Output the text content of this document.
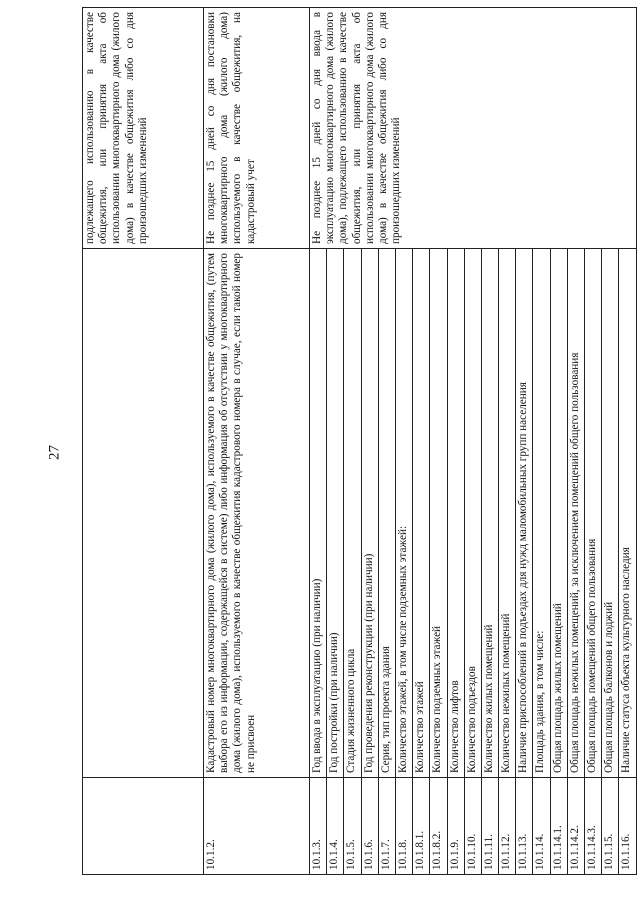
27
		подлежащего использованию в качестве общежития, или принятия акта об использовании многоквартирного дома (жилого дома) в качестве общежития либо со дня произошедших изменений
10.1.2.	Кадастровый номер многоквартирного дома (жилого дома), используемого в качестве общежития, (путем выбора его из информации, содержащейся в системе) либо информация об отсутствии у многоквартирного дома (жилого дома), используемого в качестве общежития кадастрового номера в случае, если такой номер не присвоен	Не позднее 15 дней со дня постановки многоквартирного дома (жилого дома) используемого в качестве общежития, на кадастровый учет
10.1.3.	Год ввода в эксплуатацию (при наличии)	Не позднее 15 дней со дня ввода в эксплуатацию многоквартирного дома (жилого дома), подлежащего использованию в качестве общежития, или принятия акта об использовании многоквартирного дома (жилого дома) в качестве общежития либо со дня произошедших изменений
10.1.4.	Год постройки (при наличии)	
10.1.5.	Стадия жизненного цикла	
10.1.6.	Год проведения реконструкции (при наличии)	
10.1.7.	Серия, тип проекта здания	
10.1.8.	Количество этажей, в том числе подземных этажей:	
10.1.8.1.	Количество этажей	
10.1.8.2.	Количество подземных этажей	
10.1.9.	Количество лифтов	
10.1.10.	Количество подъездов	
10.1.11.	Количество жилых помещений	
10.1.12.	Количество нежилых помещений	
10.1.13.	Наличие приспособлений в подъездах для нужд маломобильных групп населения	
10.1.14.	Площадь здания, в том числе:	
10.1.14.1.	Общая площадь жилых помещений	
10.1.14.2.	Общая площадь нежилых помещений, за исключением помещений общего пользования	
10.1.14.3.	Общая площадь помещений общего пользования	
10.1.15.	Общая площадь балконов и лоджий	
10.1.16.	Наличие статуса объекта культурного наследия	
